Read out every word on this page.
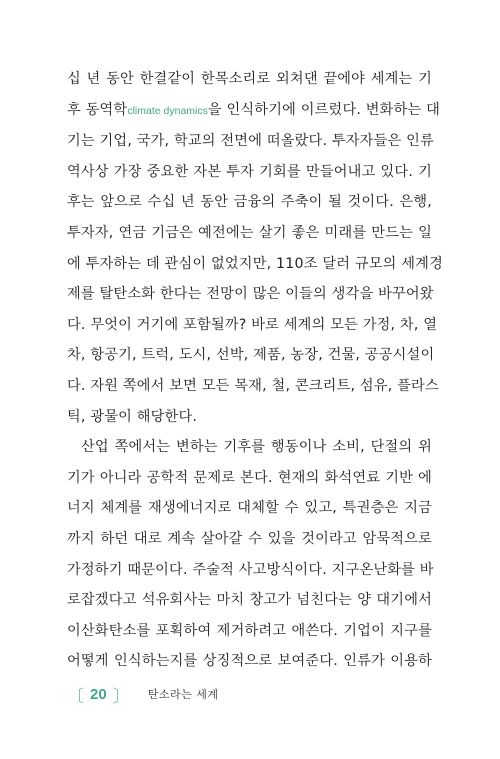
십 년 동안 한결같이 한목소리로 외쳐댄 끝에야 세계는 기
후 동역학climate dynamics을 인식하기에 이르렀다. 변화하는 대
기는 기업, 국가, 학교의 전면에 떠올랐다. 투자자들은 인류
역사상 가장 중요한 자본 투자 기회를 만들어내고 있다. 기
후는 앞으로 수십 년 동안 금융의 주축이 될 것이다. 은행,
투자자, 연금 기금은 예전에는 살기 좋은 미래를 만드는 일
에 투자하는 데 관심이 없었지만, 110조 달러 규모의 세계경
제를 탈탄소화 한다는 전망이 많은 이들의 생각을 바꾸어왔
다. 무엇이 거기에 포함될까? 바로 세계의 모든 가정, 차, 열
차, 항공기, 트럭, 도시, 선박, 제품, 농장, 건물, 공공시설이
다. 자원 쪽에서 보면 모든 목재, 철, 콘크리트, 섬유, 플라스
틱, 광물이 해당한다.

산업 쪽에서는 변하는 기후를 행동이나 소비, 단절의 위
기가 아니라 공학적 문제로 본다. 현재의 화석연료 기반 에
너지 체계를 재생에너지로 대체할 수 있고, 특권층은 지금
까지 하던 대로 계속 살아갈 수 있을 것이라고 암묵적으로
가정하기 때문이다. 주술적 사고방식이다. 지구온난화를 바
로잡겠다고 석유회사는 마치 창고가 넘친다는 양 대기에서
이산화탄소를 포획하여 제거하려고 애쓴다. 기업이 지구를
어떻게 인식하는지를 상징적으로 보여준다. 인류가 이용하

〔 20 〕 탄소라는 세계
